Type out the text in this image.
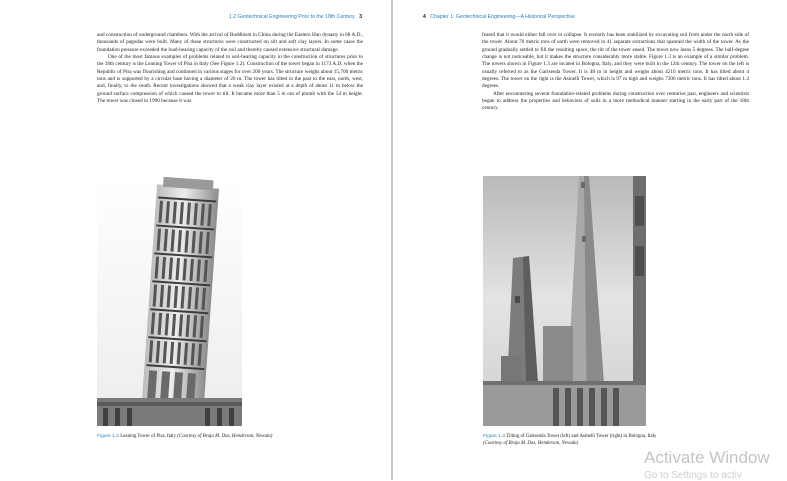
1.2 Geotechnical Engineering Prior to the 18th Century 3

and construction of underground chambers. With the arrival of Buddhism in China during the Eastern Han dynasty in 68 A.D., thousands of pagodas were built. Many of these structures were constructed on silt and soft clay layers. In some cases the foundation pressure exceeded the load-bearing capacity of the soil and thereby caused extensive structural damage.

One of the most famous examples of problems related to soil-bearing capacity in the construction of structures prior to the 18th century is the Leaning Tower of Pisa in Italy (See Figure 1.2). Construction of the tower began in 1173 A.D. when the Republic of Pisa was flourishing and continued in various stages for over 200 years. The structure weighs about 15,700 metric tons and is supported by a circular base having a diameter of 20 m. The tower has tilted in the past to the east, north, west, and, finally, to the south. Recent investigations showed that a weak clay layer existed at a depth of about 11 m below the ground surface compression of which caused the tower to tilt. It became more than 5 m out of plumb with the 54 m height. The tower was closed in 1990 because it was

Figure 1.2 Leaning Tower of Pisa, Italy (Courtesy of Braja M. Das, Henderson, Nevada)
4 Chapter 1: Geotechnical Engineering—A Historical Perspective

feared that it would either fall over or collapse. It recently has been stabilized by excavating soil from under the north side of the tower. About 70 metric tons of earth were removed in 41 separate extractions that spanned the width of the tower. As the ground gradually settled to fill the resulting space, the tilt of the tower eased. The tower now leans 5 degrees. The half-degree change is not noticeable, but it makes the structure considerably more stable. Figure 1.3 is an example of a similar problem. The towers shown in Figure 1.3 are located in Bologna, Italy, and they were built in the 12th century. The tower on the left is usually referred to as the Garisenda Tower. It is 48 m in height and weighs about 4210 metric tons. It has tilted about 4 degrees. The tower on the right is the Asinelli Tower, which is 97 m high and weighs 7300 metric tons. It has tilted about 1.3 degrees.

After encountering several foundation-related problems during construction over centuries past, engineers and scientists began to address the properties and behaviors of soils in a more methodical manner starting in the early part of the 18th century.

Figure 1.3 Tilting of Garisenda Tower (left) and Asinelli Tower (right) in Bologna, Italy
(Courtesy of Braja M. Das, Henderson, Nevada)
Activate Window
Go to Settings to activ
